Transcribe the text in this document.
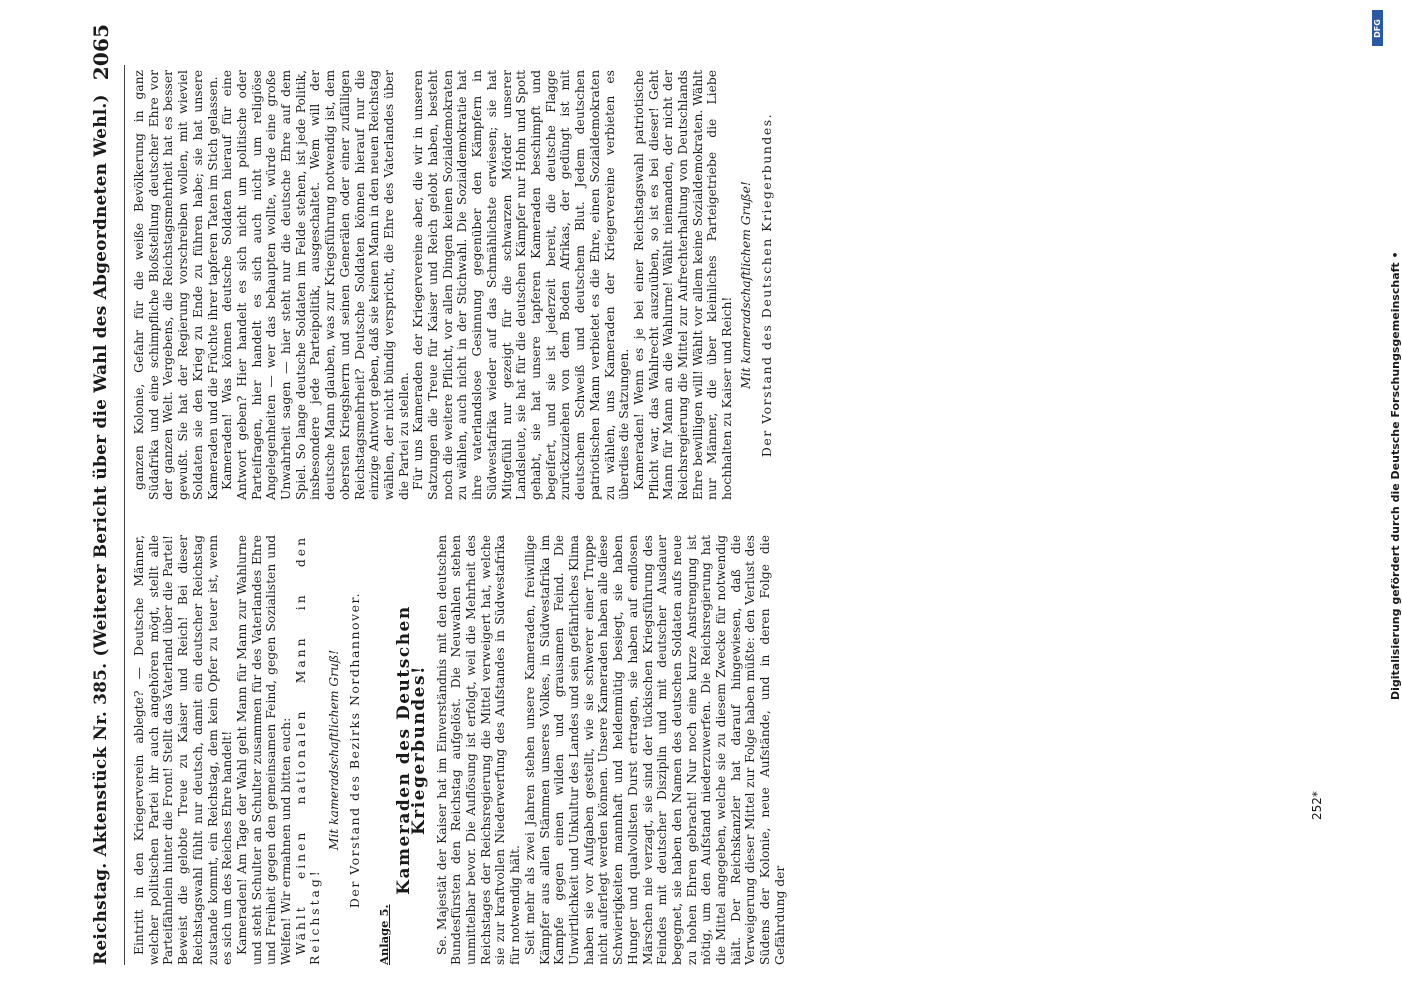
Reichstag. Aktenstück Nr. 385. (Weiterer Bericht über die Wahl des Abgeordneten Wehl.)
2065

Eintritt in den Kriegerverein ablegte? — Deutsche Männer, welcher politischen Partei ihr auch angehören mögt, stellt alle Parteifähnlein hinter die Front! Stellt das Vaterland über die Partei! Beweist die gelobte Treue zu Kaiser und Reich! Bei dieser Reichstagswahl fühlt nur deutsch, damit ein deutscher Reichstag zustande kommt, ein Reichstag, dem kein Opfer zu teuer ist, wenn es sich um des Reiches Ehre handelt! Kameraden! Am Tage der Wahl geht Mann für Mann zur Wahlurne und steht Schulter an Schulter zusammen für des Vaterlandes Ehre und Freiheit gegen den gemeinsamen Feind, gegen Sozialisten und Welfen! Wir ermahnen und bitten euch: Wählt einen nationalen Mann in den Reichstag!

Mit kameradschaftlichem Gruß! Der Vorstand des Bezirks Nordhannover.
Anlage 5.
Kameraden des Deutschen Kriegerbundes! Se. Majestät der Kaiser hat im Einverständnis mit den deutschen Bundesfürsten den Reichstag aufgelöst. Die Neuwahlen stehen unmittelbar bevor. Die Auflösung ist erfolgt, weil die Mehrheit des Reichstages der Reichsregierung die Mittel verweigert hat, welche sie zur kraftvollen Niederwerfung des Aufstandes in Südwestafrika für notwendig hält. Seit mehr als zwei Jahren stehen unsere Kameraden, freiwillige Kämpfer aus allen Stämmen unseres Volkes, in Südwestafrika im Kampfe gegen einen wilden und grausamen Feind. Die Unwirtlichkeit und Unkultur des Landes und sein gefährliches Klima haben sie vor Aufgaben gestellt, wie sie schwerer einer Truppe nicht auferlegt werden können. Unsere Kameraden haben alle diese Schwierigkeiten mannhaft und heldenmütig besiegt, sie haben Hunger und qualvollsten Durst ertragen, sie haben auf endlosen Märschen nie verzagt, sie sind der tückischen Kriegsführung des Feindes mit deutscher Disziplin und mit deutscher Ausdauer begegnet, sie haben den Namen des deutschen Soldaten aufs neue zu hohen Ehren gebracht! Nur noch eine kurze Anstrengung ist nötig, um den Aufstand niederzuwerfen. Die Reichsregierung hat die Mittel angegeben, welche sie zu diesem Zwecke für notwendig hält. Der Reichskanzler hat darauf hingewiesen, daß die Verweigerung dieser Mittel zur Folge haben müßte: den Verlust des Südens der Kolonie, neue Aufstände, und in deren Folge die Gefährdung der

ganzen Kolonie, Gefahr für die weiße Bevölkerung in ganz Südafrika und eine schimpfliche Bloßstellung deutscher Ehre vor der ganzen Welt. Vergebens, die Reichstagsmehrheit hat es besser gewußt. Sie hat der Regierung vorschreiben wollen, mit wieviel Soldaten sie den Krieg zu Ende zu führen habe; sie hat unsere Kameraden und die Früchte ihrer tapferen Taten im Stich gelassen. Kameraden! Was können deutsche Soldaten hierauf für eine Antwort geben? Hier handelt es sich nicht um politische oder Parteifragen, hier handelt es sich auch nicht um religiöse Angelegenheiten — wer das behaupten wollte, würde eine große Unwahrheit sagen — hier steht nur die deutsche Ehre auf dem Spiel. So lange deutsche Soldaten im Felde stehen, ist jede Politik, insbesondere jede Parteipolitik, ausgeschaltet. Wem will der deutsche Mann glauben, was zur Kriegsführung notwendig ist, dem obersten Kriegsherrn und seinen Generälen oder einer zufälligen Reichstagsmehrheit? Deutsche Soldaten können hierauf nur die einzige Antwort geben, daß sie keinen Mann in den neuen Reichstag wählen, der nicht bündig verspricht, die Ehre des Vaterlandes über die Partei zu stellen. Für uns Kameraden der Kriegervereine aber, die wir in unseren Satzungen die Treue für Kaiser und Reich gelobt haben, besteht noch die weitere Pflicht, vor allen Dingen keinen Sozialdemokraten zu wählen, auch nicht in der Stichwahl. Die Sozialdemokratie hat ihre vaterlandslose Gesinnung gegenüber den Kämpfern in Südwestafrika wieder auf das Schmählichste erwiesen; sie hat Mitgefühl nur gezeigt für die schwarzen Mörder unserer Landsleute, sie hat für die deutschen Kämpfer nur Hohn und Spott gehabt, sie hat unsere tapferen Kameraden beschimpft und begeifert, und sie ist jederzeit bereit, die deutsche Flagge zurückzuziehen von dem Boden Afrikas, der gedüngt ist mit deutschem Schweiß und deutschem Blut. Jedem deutschen patriotischen Mann verbietet es die Ehre, einen Sozialdemokraten zu wählen, uns Kameraden der Kriegervereine verbieten es überdies die Satzungen. Kameraden! Wenn es je bei einer Reichstagswahl patriotische Pflicht war, das Wahlrecht auszuüben, so ist es bei dieser! Geht Mann für Mann an die Wahlurne! Wählt niemanden, der nicht der Reichsregierung die Mittel zur Aufrechterhaltung von Deutschlands Ehre bewilligen will! Wählt vor allem keine Sozialdemokraten. Wählt nur Männer, die über kleinliches Parteigetriebe die Liebe hochhalten zu Kaiser und Reich!

Mit kameradschaftlichem Gruße! Der Vorstand des Deutschen Kriegerbundes.
252*
Digitalisierung gefördert durch die Deutsche Forschungsgemeinschaft •
DFG
